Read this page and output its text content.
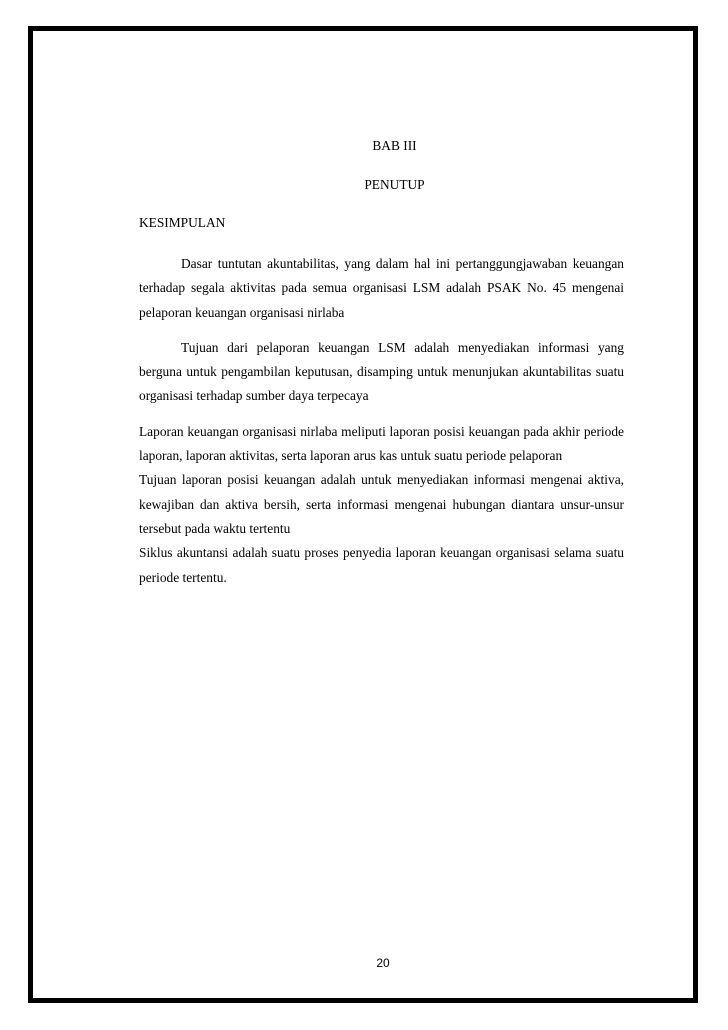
BAB III
PENUTUP
KESIMPULAN

Dasar tuntutan akuntabilitas, yang dalam hal ini pertanggungjawaban keuangan terhadap segala aktivitas pada semua organisasi LSM adalah PSAK No. 45 mengenai pelaporan keuangan organisasi nirlaba

Tujuan dari pelaporan keuangan LSM adalah menyediakan informasi yang berguna untuk pengambilan keputusan, disamping untuk menunjukan akuntabilitas suatu organisasi terhadap sumber daya terpecaya

Laporan keuangan organisasi nirlaba meliputi laporan posisi keuangan pada akhir periode laporan, laporan aktivitas, serta laporan arus kas untuk suatu periode pelaporan

Tujuan laporan posisi keuangan adalah untuk menyediakan informasi mengenai aktiva, kewajiban dan aktiva bersih, serta informasi mengenai hubungan diantara unsur-unsur tersebut pada waktu tertentu

Siklus akuntansi adalah suatu proses penyedia laporan keuangan organisasi selama suatu periode tertentu.

20
